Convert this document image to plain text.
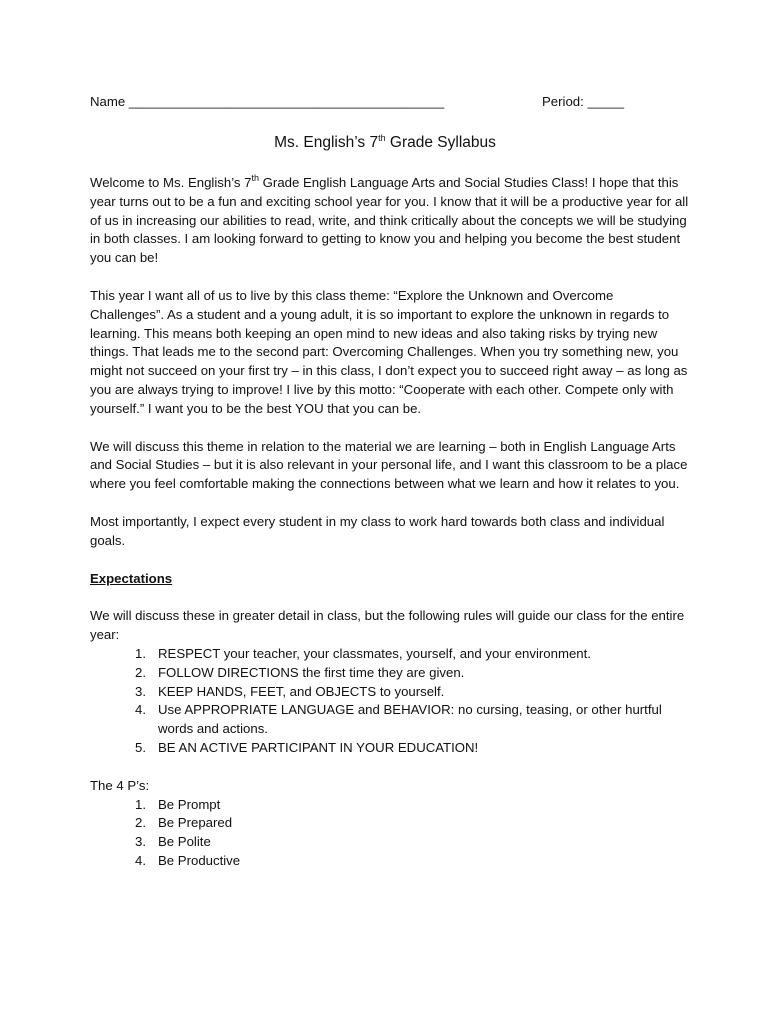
Name ___________________________________________	Period: _____
Ms. English’s 7th Grade Syllabus

Welcome to Ms. English’s 7th Grade English Language Arts and Social Studies Class! I hope that this year turns out to be a fun and exciting school year for you. I know that it will be a productive year for all of us in increasing our abilities to read, write, and think critically about the concepts we will be studying in both classes. I am looking forward to getting to know you and helping you become the best student you can be!

This year I want all of us to live by this class theme: “Explore the Unknown and Overcome Challenges”. As a student and a young adult, it is so important to explore the unknown in regards to learning. This means both keeping an open mind to new ideas and also taking risks by trying new things. That leads me to the second part: Overcoming Challenges. When you try something new, you might not succeed on your first try – in this class, I don’t expect you to succeed right away – as long as you are always trying to improve! I live by this motto: “Cooperate with each other. Compete only with yourself.” I want you to be the best YOU that you can be.

We will discuss this theme in relation to the material we are learning – both in English Language Arts and Social Studies – but it is also relevant in your personal life, and I want this classroom to be a place where you feel comfortable making the connections between what we learn and how it relates to you.

Most importantly, I expect every student in my class to work hard towards both class and individual goals.

Expectations

We will discuss these in greater detail in class, but the following rules will guide our class for the entire year:

1. RESPECT your teacher, your classmates, yourself, and your environment.
2. FOLLOW DIRECTIONS the first time they are given.
3. KEEP HANDS, FEET, and OBJECTS to yourself.
4. Use APPROPRIATE LANGUAGE and BEHAVIOR: no cursing, teasing, or other hurtful words and actions.
5. BE AN ACTIVE PARTICIPANT IN YOUR EDUCATION!

The 4 P’s:

1. Be Prompt
2. Be Prepared
3. Be Polite
4. Be Productive
